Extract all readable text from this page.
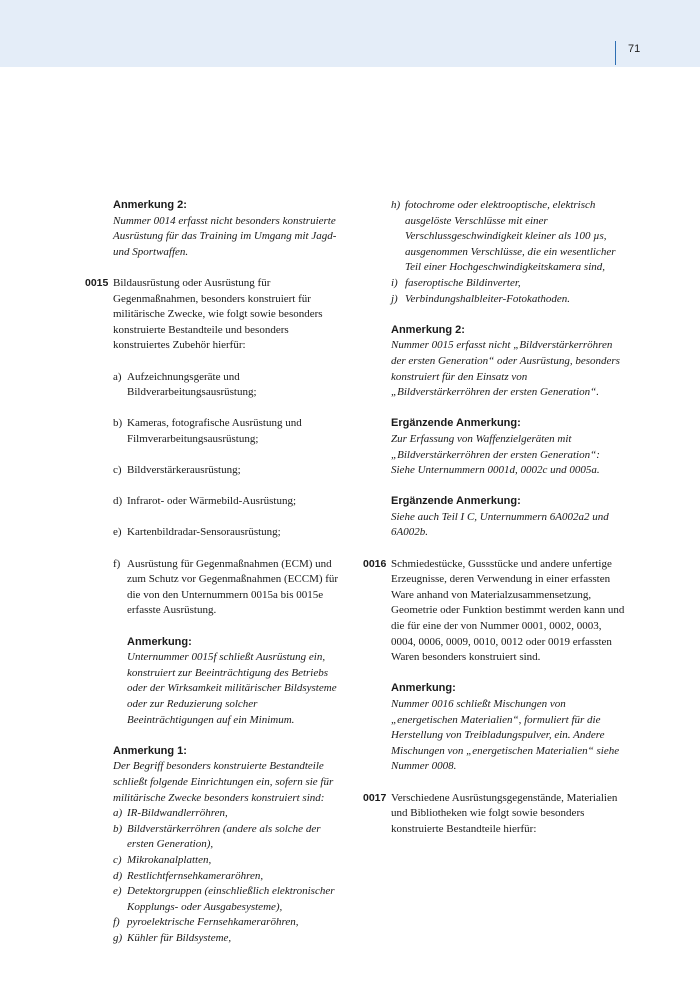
71

Anmerkung 2:

Nummer 0014 erfasst nicht besonders konstruierte Ausrüstung für das Training im Umgang mit Jagd- und Sportwaffen.

0015 Bildausrüstung oder Ausrüstung für Gegenmaßnahmen, besonders konstruiert für militärische Zwecke, wie folgt sowie besonders konstruierte Bestandteile und besonders konstruiertes Zubehör hierfür:

a) Aufzeichnungsgeräte und Bildverarbeitungsausrüstung;

b) Kameras, fotografische Ausrüstung und Filmverarbeitungsausrüstung;

c) Bildverstärkerausrüstung;

d) Infrarot- oder Wärmebild-Ausrüstung;

e) Kartenbildradar-Sensorausrüstung;

f) Ausrüstung für Gegenmaßnahmen (ECM) und zum Schutz vor Gegenmaßnahmen (ECCM) für die von den Unternummern 0015a bis 0015e erfasste Ausrüstung.

Anmerkung:

Unternummer 0015f schließt Ausrüstung ein, konstruiert zur Beeinträchtigung des Betriebs oder der Wirksamkeit militärischer Bildsysteme oder zur Reduzierung solcher Beeinträchtigungen auf ein Minimum.

Anmerkung 1:

Der Begriff besonders konstruierte Bestandteile schließt folgende Einrichtungen ein, sofern sie für militärische Zwecke besonders konstruiert sind:

a) IR-Bildwandlerröhren,

b) Bildverstärkerröhren (andere als solche der ersten Generation),

c) Mikrokanalplatten,

d) Restlichtfernsehkameraröhren,

e) Detektorgruppen (einschließlich elektronischer Kopplungs- oder Ausgabesysteme),

f) pyroelektrische Fernsehkameraröhren,

g) Kühler für Bildsysteme,

h) fotochrome oder elektrooptische, elektrisch ausgelöste Verschlüsse mit einer Verschlussgeschwindigkeit kleiner als 100 µs, ausgenommen Verschlüsse, die ein wesentlicher Teil einer Hochgeschwindigkeitskamera sind,

i) faseroptische Bildinverter,

j) Verbindungshalbleiter-Fotokathoden.

Anmerkung 2:

Nummer 0015 erfasst nicht „Bildverstärkerröhren der ersten Generation“ oder Ausrüstung, besonders konstruiert für den Einsatz von „Bildverstärkerröhren der ersten Generation“.

Ergänzende Anmerkung:

Zur Erfassung von Waffenzielgeräten mit „Bildverstärkerröhren der ersten Generation“: Siehe Unternummern 0001d, 0002c und 0005a.

Ergänzende Anmerkung:

Siehe auch Teil I C, Unternummern 6A002a2 und 6A002b.

0016 Schmiedestücke, Gussstücke und andere unfertige Erzeugnisse, deren Verwendung in einer erfassten Ware anhand von Materialzusammensetzung, Geometrie oder Funktion bestimmt werden kann und die für eine der von Nummer 0001, 0002, 0003, 0004, 0006, 0009, 0010, 0012 oder 0019 erfassten Waren besonders konstruiert sind.

Anmerkung:

Nummer 0016 schließt Mischungen von „energetischen Materialien“, formuliert für die Herstellung von Treibladungspulver, ein. Andere Mischungen von „energetischen Materialien“ siehe Nummer 0008.

0017 Verschiedene Ausrüstungsgegenstände, Materialien und Bibliotheken wie folgt sowie besonders konstruierte Bestandteile hierfür:
